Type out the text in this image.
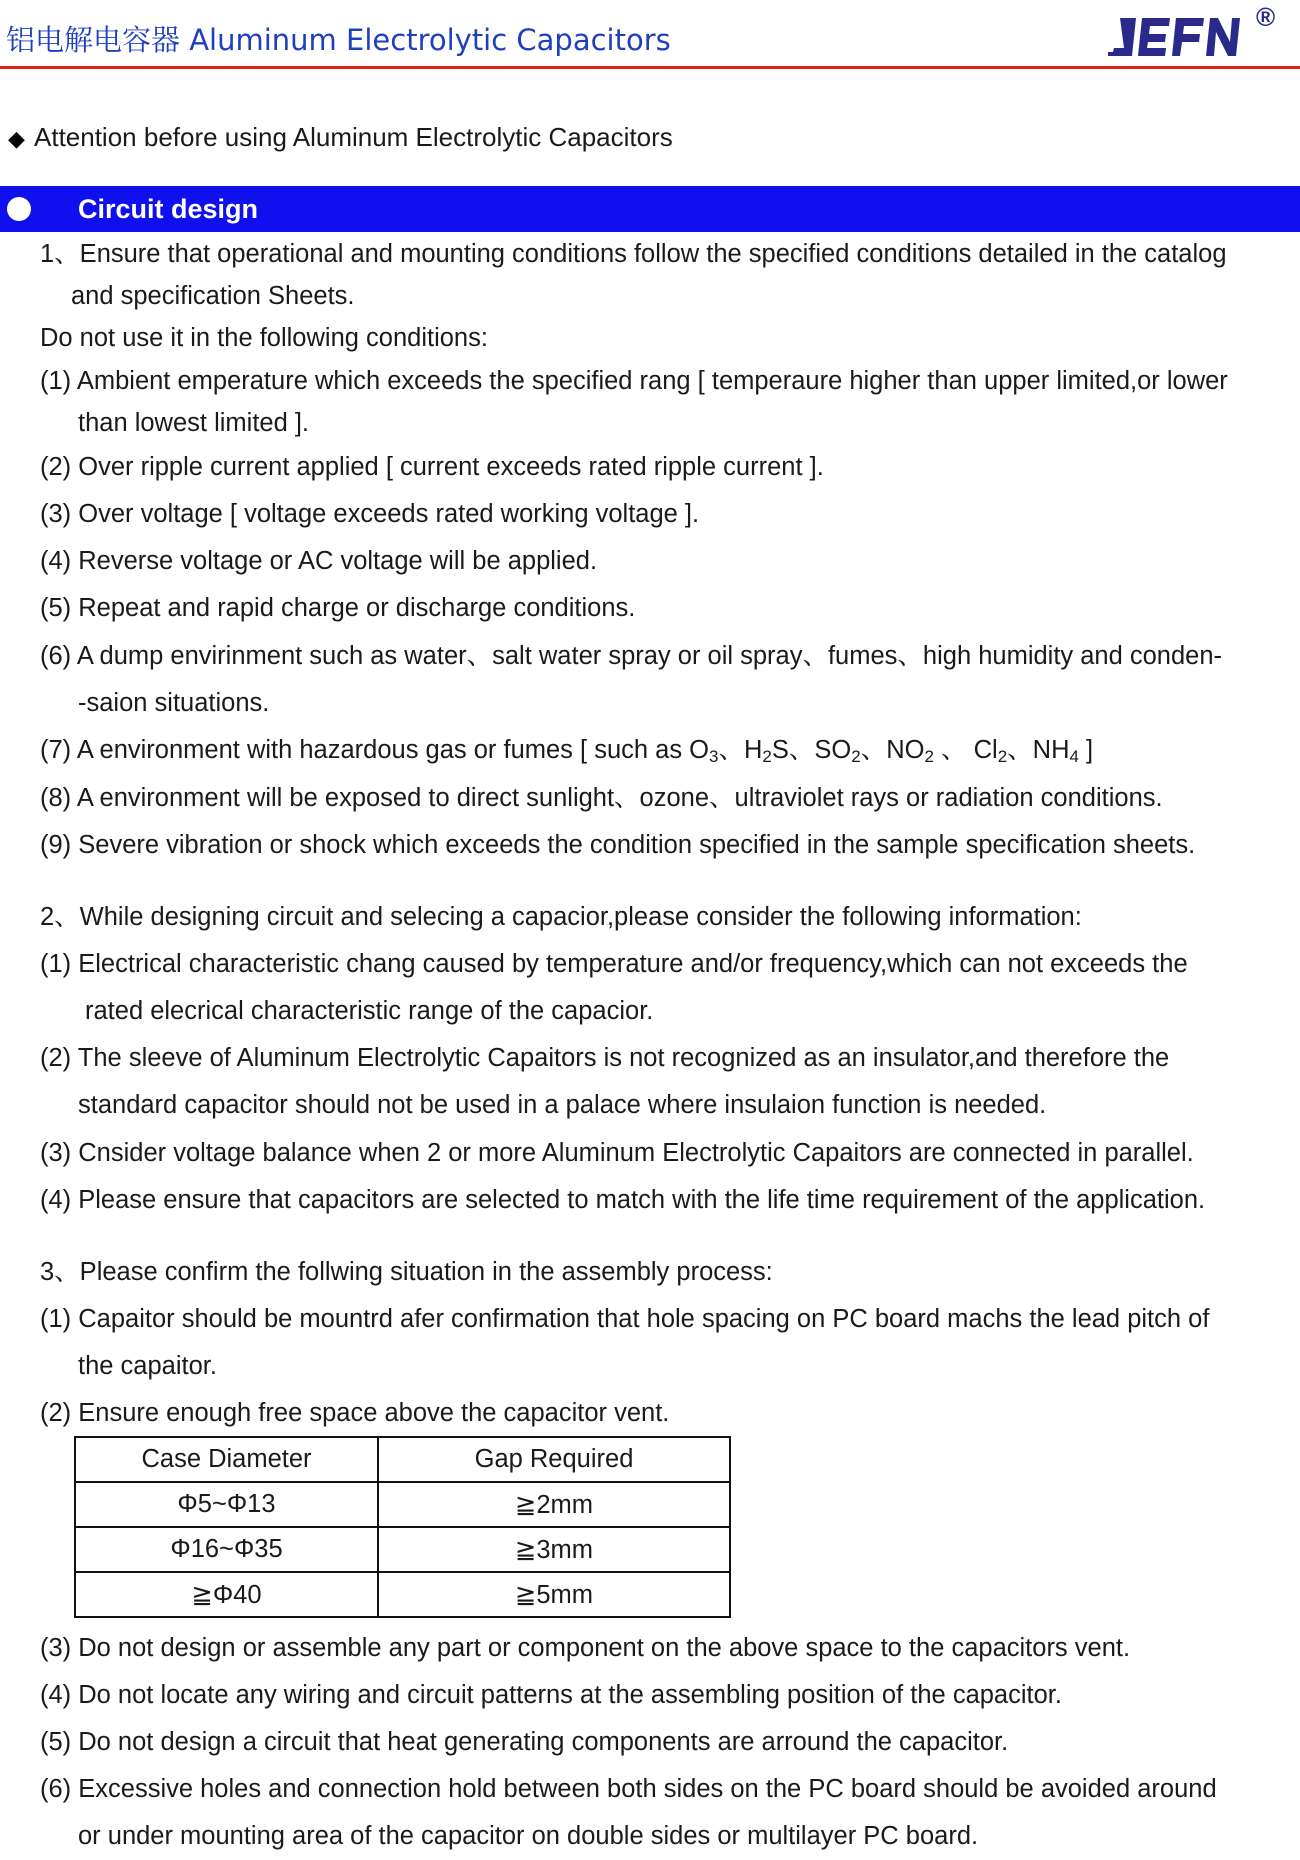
铝电解电容器 Aluminum Electrolytic Capacitors
®
◆ Attention before using Aluminum Electrolytic Capacitors
Circuit design
1、Ensure that operational and mounting conditions follow the specified conditions detailed in the catalog
and specification Sheets.
Do not use it in the following conditions:
(1) Ambient emperature which exceeds the specified rang [ temperaure higher than upper limited,or lower
than lowest limited ].
(2) Over ripple current applied [ current exceeds rated ripple current ].
(3) Over voltage [ voltage exceeds rated working voltage ].
(4) Reverse voltage or AC voltage will be applied.
(5) Repeat and rapid charge or discharge conditions.
(6) A dump envirinment such as water、salt water spray or oil spray、fumes、high humidity and conden-
-saion situations.
(7) A environment with hazardous gas or fumes [ such as $O_3$、$H_2S$、$SO_2$、$NO_2$ 、 $Cl_2$、$NH_4$ ]
(8) A environment will be exposed to direct sunlight、ozone、ultraviolet rays or radiation conditions.
(9) Severe vibration or shock which exceeds the condition specified in the sample specification sheets.
2、While designing circuit and selecing a capacior,please consider the following information:
(1) Electrical characteristic chang caused by temperature and/or frequency,which can not exceeds the
rated elecrical characteristic range of the capacior.
(2) The sleeve of Aluminum Electrolytic Capaitors is not recognized as an insulator,and therefore the
standard capacitor should not be used in a palace where insulaion function is needed.
(3) Cnsider voltage balance when 2 or more Aluminum Electrolytic Capaitors are connected in parallel.
(4) Please ensure that capacitors are selected to match with the life time requirement of the application.
3、Please confirm the follwing situation in the assembly process:
(1) Capaitor should be mountrd afer confirmation that hole spacing on PC board machs the lead pitch of
the capaitor.
(2) Ensure enough free space above the capacitor vent.
Case Diameter	Gap Required
Φ5~Φ13	≧2mm
Φ16~Φ35	≧3mm
≧Φ40	≧5mm
(3) Do not design or assemble any part or component on the above space to the capacitors vent.
(4) Do not locate any wiring and circuit patterns at the assembling position of the capacitor.
(5) Do not design a circuit that heat generating components are arround the capacitor.
(6) Excessive holes and connection hold between both sides on the PC board should be avoided around
or under mounting area of the capacitor on double sides or multilayer PC board.
